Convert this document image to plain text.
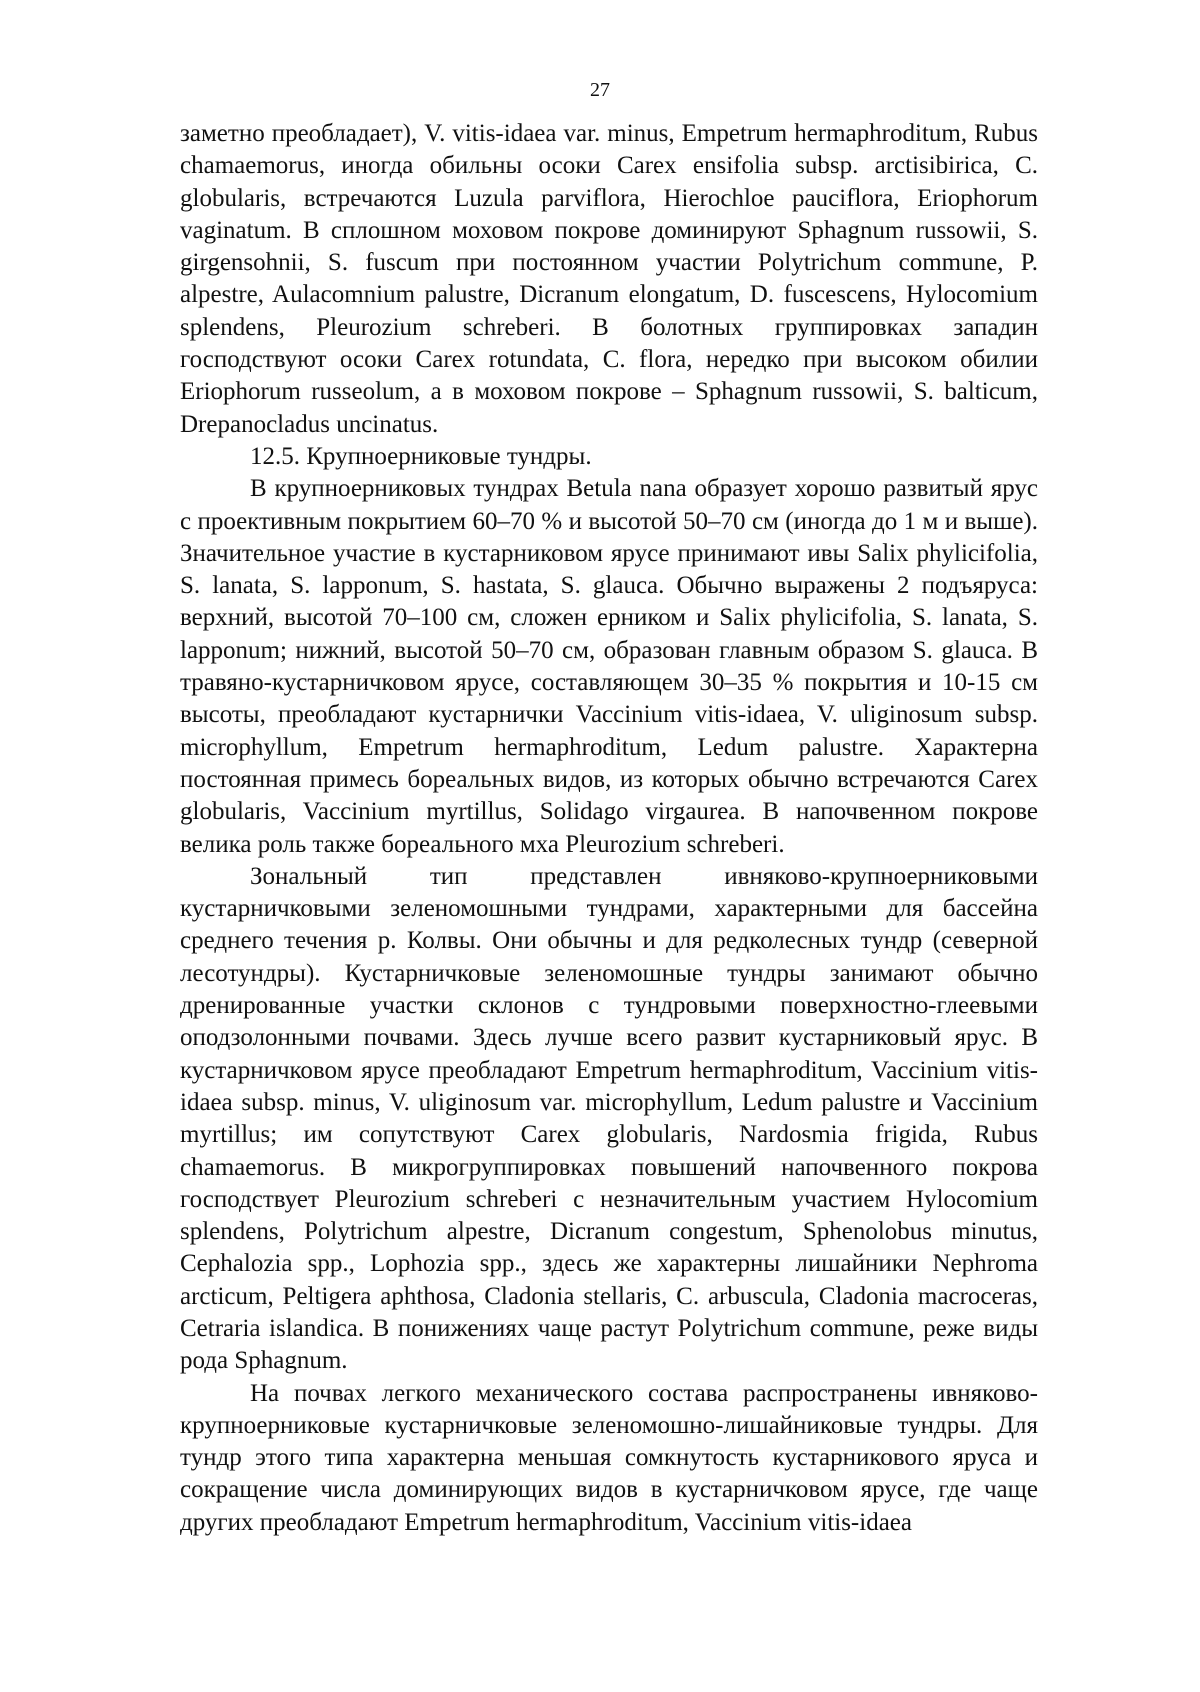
27

заметно преобладает), V. vitis-idaea var. minus, Empetrum hermaphroditum, Rubus chamaemorus, иногда обильны осоки Carex ensifolia subsp. arctisibirica, C. globularis, встречаются Luzula parviflora, Hierochloe pauciflora, Eriophorum vaginatum. В сплошном моховом покрове доминируют Sphagnum russowii, S. girgensohnii, S. fuscum при постоянном участии Polytrichum commune, P. alpestre, Aulacomnium palustre, Dicranum elongatum, D. fuscescens, Hylocomium splendens, Pleurozium schreberi. В болотных группировках западин господствуют осоки Carex rotundata, C. flora, нередко при высоком обилии Eriophorum russeolum, а в моховом покрове – Sphagnum russowii, S. balticum, Drepanocladus uncinatus.

12.5. Крупноерниковые тундры.

В крупноерниковых тундрах Betula nana образует хорошо развитый ярус с проективным покрытием 60–70 % и высотой 50–70 см (иногда до 1 м и выше). Значительное участие в кустарниковом ярусе принимают ивы Salix phylicifolia, S. lanata, S. lapponum, S. hastata, S. glauca. Обычно выражены 2 подъяруса: верхний, высотой 70–100 см, сложен ерником и Salix phylicifolia, S. lanata, S. lapponum; нижний, высотой 50–70 см, образован главным образом S. glauca. В травяно-кустарничковом ярусе, составляющем 30–35 % покрытия и 10-15 см высоты, преобладают кустарнички Vaccinium vitis-idaea, V. uliginosum subsp. microphyllum, Empetrum hermaphroditum, Ledum palustre. Характерна постоянная примесь бореальных видов, из которых обычно встречаются Carex globularis, Vaccinium myrtillus, Solidago virgaurea. В напочвенном покрове велика роль также бореального мха Pleurozium schreberi.

Зональный тип представлен ивняково-крупноерниковыми кустарничковыми зеленомошными тундрами, характерными для бассейна среднего течения р. Колвы. Они обычны и для редколесных тундр (северной лесотундры). Кустарничковые зеленомошные тундры занимают обычно дренированные участки склонов с тундровыми поверхностно-глеевыми оподзолонными почвами. Здесь лучше всего развит кустарниковый ярус. В кустарничковом ярусе преобладают Empetrum hermaphroditum, Vaccinium vitis-idaea subsp. minus, V. uliginosum var. microphyllum, Ledum palustre и Vaccinium myrtillus; им сопутствуют Carex globularis, Nardosmia frigida, Rubus chamaemorus. В микрогруппировках повышений напочвенного покрова господствует Pleurozium schreberi с незначительным участием Hylocomium splendens, Polytrichum alpestre, Dicranum congestum, Sphenolobus minutus, Cephalozia spp., Lophozia spp., здесь же характерны лишайники Nephroma arcticum, Peltigera aphthosa, Cladonia stellaris, C. arbuscula, Cladonia macroceras, Cetraria islandica. В понижениях чаще растут Polytrichum commune, реже виды рода Sphagnum.

На почвах легкого механического состава распространены ивняково-крупноерниковые кустарничковые зеленомошно-лишайниковые тундры. Для тундр этого типа характерна меньшая сомкнутость кустарникового яруса и сокращение числа доминирующих видов в кустарничковом ярусе, где чаще других преобладают Empetrum hermaphroditum, Vaccinium vitis-idaea
